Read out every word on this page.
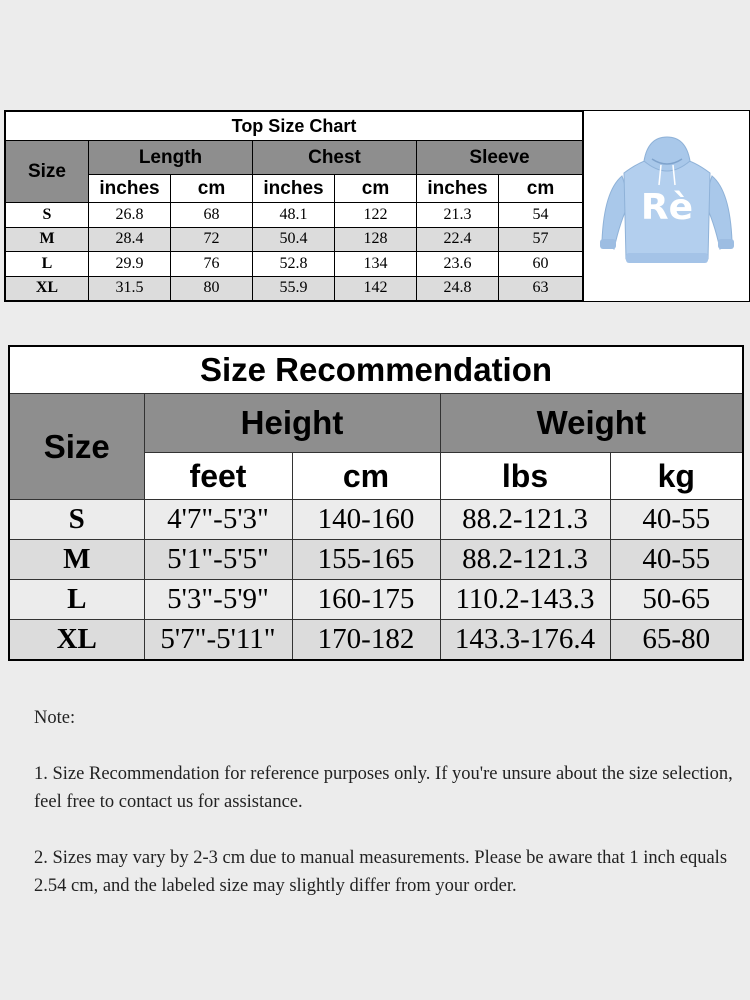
Top Size Chart						
Size	Length		Chest		Sleeve	
	inches	cm	inches	cm	inches	cm
S	26.8	68	48.1	122	21.3	54
M	28.4	72	50.4	128	22.4	57
L	29.9	76	52.8	134	23.6	60
XL	31.5	80	55.9	142	24.8	63
Rè
Size Recommendation				
Size	Height		Weight	
	feet	cm	lbs	kg
S	4'7"-5'3"	140-160	88.2-121.3	40-55
M	5'1"-5'5"	155-165	88.2-121.3	40-55
L	5'3"-5'9"	160-175	110.2-143.3	50-65
XL	5'7"-5'11"	170-182	143.3-176.4	65-80

Note:

1. Size Recommendation for reference purposes only. If you're unsure about the size selection, feel free to contact us for assistance.

2. Sizes may vary by 2-3 cm due to manual measurements. Please be aware that 1 inch equals 2.54 cm, and the labeled size may slightly differ from your order.
